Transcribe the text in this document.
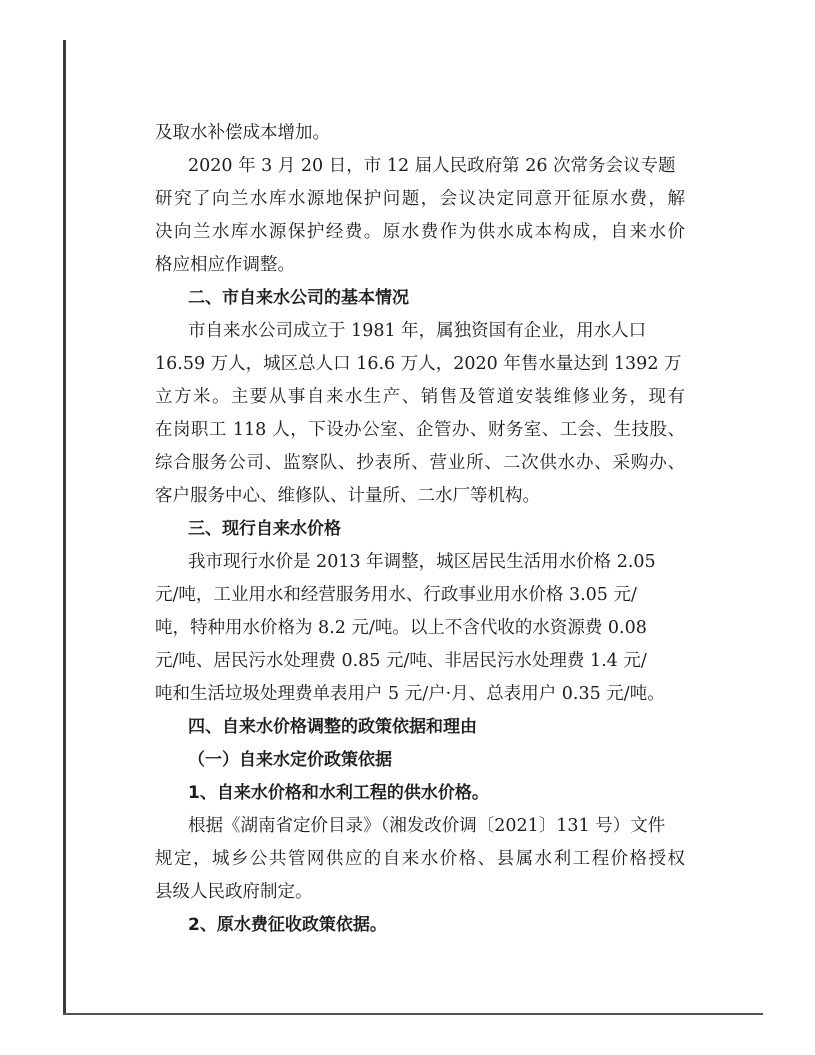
及取水补偿成本增加。
2020 年 3 月 20 日，市 12 届人民政府第 26 次常务会议专题
研究了向兰水库水源地保护问题，会议决定同意开征原水费，解
决向兰水库水源保护经费。原水费作为供水成本构成，自来水价
格应相应作调整。
二、市自来水公司的基本情况
市自来水公司成立于 1981 年，属独资国有企业，用水人口
16.59 万人，城区总人口 16.6 万人，2020 年售水量达到 1392 万
立方米。主要从事自来水生产、销售及管道安装维修业务，现有
在岗职工 118 人，下设办公室、企管办、财务室、工会、生技股、
综合服务公司、监察队、抄表所、营业所、二次供水办、采购办、
客户服务中心、维修队、计量所、二水厂等机构。
三、现行自来水价格
我市现行水价是 2013 年调整，城区居民生活用水价格 2.05
元/吨，工业用水和经营服务用水、行政事业用水价格 3.05 元/
吨，特种用水价格为 8.2 元/吨。以上不含代收的水资源费 0.08
元/吨、居民污水处理费 0.85 元/吨、非居民污水处理费 1.4 元/
吨和生活垃圾处理费单表用户 5 元/户·月、总表用户 0.35 元/吨。
四、自来水价格调整的政策依据和理由
（一）自来水定价政策依据
1、自来水价格和水利工程的供水价格。
根据《湖南省定价目录》（湘发改价调〔2021〕131 号）文件
规定，城乡公共管网供应的自来水价格、县属水利工程价格授权
县级人民政府制定。
2、原水费征收政策依据。
